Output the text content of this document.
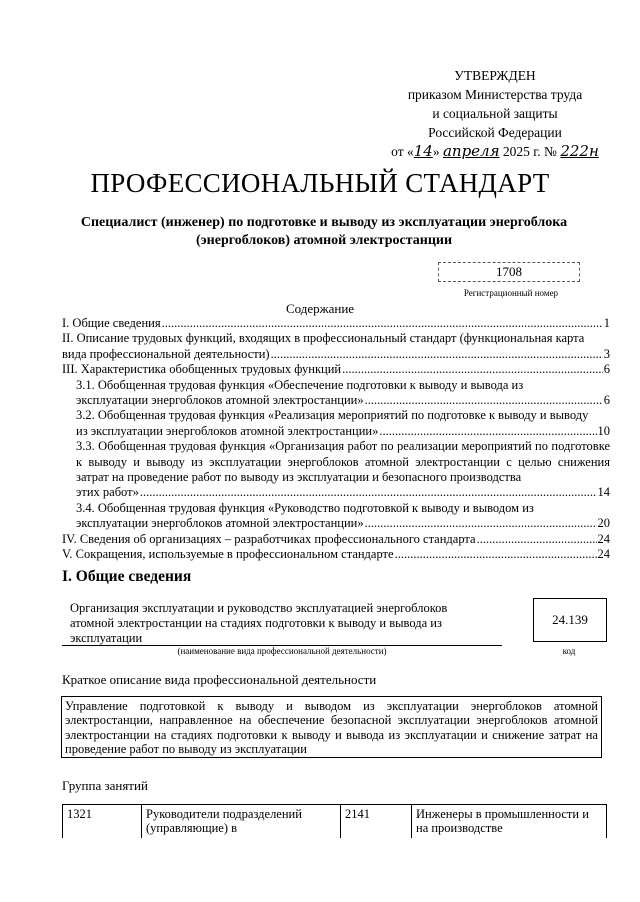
УТВЕРЖДЕН
приказом Министерства труда
и социальной защиты
Российской Федерации
от «14» апреля 2025 г. № 222н
ПРОФЕССИОНАЛЬНЫЙ СТАНДАРТ
Специалист (инженер) по подготовке и выводу из эксплуатации энергоблока (энергоблоков) атомной электростанции
1708
Регистрационный номер
Содержание
I. Общие сведения .....	1
II. Описание трудовых функций, входящих в профессиональный стандарт (функциональная карта
вида профессиональной деятельности) .....	3
III. Характеристика обобщенных трудовых функций .....	6
3.1. Обобщенная трудовая функция «Обеспечение подготовки к выводу и вывода из
эксплуатации энергоблоков атомной электростанции» .....	6
3.2. Обобщенная трудовая функция «Реализация мероприятий по подготовке к выводу и выводу
из эксплуатации энергоблоков атомной электростанции» .....	10
3.3. Обобщенная трудовая функция «Организация работ по реализации мероприятий по подготовке к выводу и выводу из эксплуатации энергоблоков атомной электростанции с целью снижения затрат на проведение работ по выводу из эксплуатации и безопасного производства
этих работ» .....	14
3.4. Обобщенная трудовая функция «Руководство подготовкой к выводу и выводом из
эксплуатации энергоблоков атомной электростанции» .....	20
IV. Сведения об организациях – разработчиках профессионального стандарта .....	24
V. Сокращения, используемые в профессиональном стандарте .....	24
I. Общие сведения
Организация эксплуатации и руководство эксплуатацией энергоблоков атомной электростанции на стадиях подготовки к выводу и вывода из эксплуатации
(наименование вида профессиональной деятельности)
24.139
код
Краткое описание вида профессиональной деятельности
Управление подготовкой к выводу и выводом из эксплуатации энергоблоков атомной электростанции, направленное на обеспечение безопасной эксплуатации энергоблоков атомной электростанции на стадиях подготовки к выводу и вывода из эксплуатации и снижение затрат на проведение работ по выводу из эксплуатации
Группа занятий
1321	Руководители подразделений (управляющие) в	2141	Инженеры в промышленности и на производстве
